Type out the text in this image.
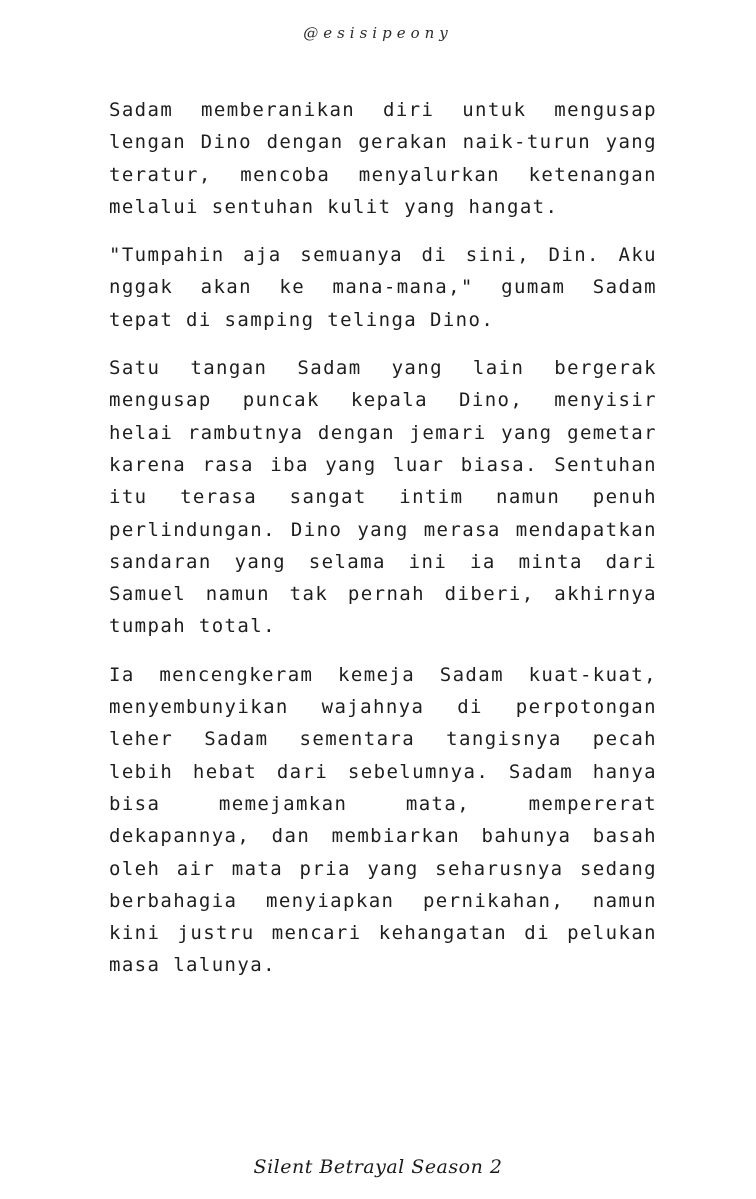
@esisipeony

Sadam memberanikan diri untuk mengusap lengan Dino dengan gerakan naik-turun yang teratur, mencoba menyalurkan ketenangan melalui sentuhan kulit yang hangat.

"Tumpahin aja semuanya di sini, Din. Aku nggak akan ke mana-mana," gumam Sadam tepat di samping telinga Dino.

Satu tangan Sadam yang lain bergerak mengusap puncak kepala Dino, menyisir helai rambutnya dengan jemari yang gemetar karena rasa iba yang luar biasa. Sentuhan itu terasa sangat intim namun penuh perlindungan. Dino yang merasa mendapatkan sandaran yang selama ini ia minta dari Samuel namun tak pernah diberi, akhirnya tumpah total.

Ia mencengkeram kemeja Sadam kuat-kuat, menyembunyikan wajahnya di perpotongan leher Sadam sementara tangisnya pecah lebih hebat dari sebelumnya. Sadam hanya bisa memejamkan mata, mempererat dekapannya, dan membiarkan bahunya basah oleh air mata pria yang seharusnya sedang berbahagia menyiapkan pernikahan, namun kini justru mencari kehangatan di pelukan masa lalunya.

Silent Betrayal Season 2
